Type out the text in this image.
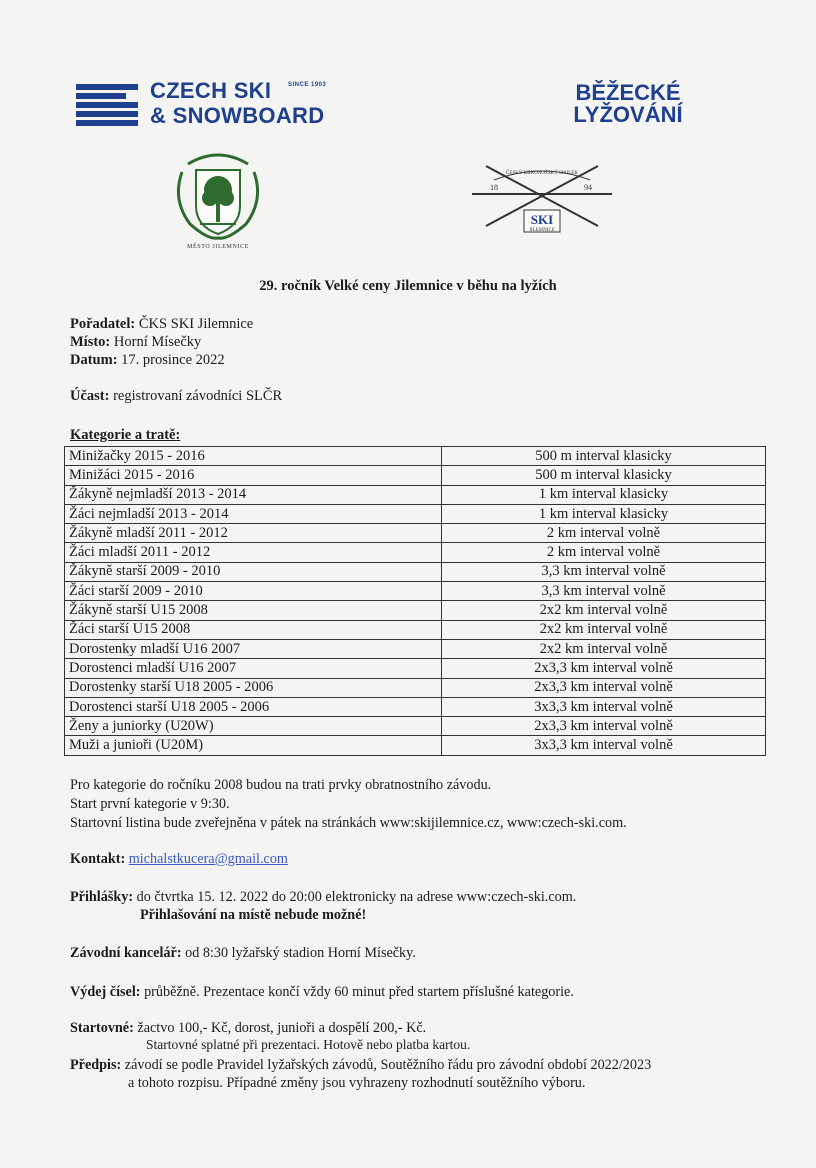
CZECH SKI	SINCE 1903
& SNOWBOARD
BĚŽECKÉ
LYŽOVÁNÍ
MĚSTO JILEMNICE
ČESKÝ KRKONOŠSKÝ SPOLEK
18	94
SKI
JILEMNICE
29. ročník Velké ceny Jilemnice v běhu na lyžích
Pořadatel: ČKS SKI Jilemnice
Místo: Horní Mísečky
Datum: 17. prosince 2022
Účast: registrovaní závodníci SLČR
Kategorie a tratě:
Minižačky 2015 - 2016	500 m interval klasicky
Minižáci 2015 - 2016	500 m interval klasicky
Žákyně nejmladší 2013 - 2014	1 km interval klasicky
Žáci nejmladší 2013 - 2014	1 km interval klasicky
Žákyně mladší 2011 - 2012	2 km interval volně
Žáci mladší 2011 - 2012	2 km interval volně
Žákyně starší 2009 - 2010	3,3 km interval volně
Žáci starší 2009 - 2010	3,3 km interval volně
Žákyně starší U15 2008	2x2 km interval volně
Žáci starší U15 2008	2x2 km interval volně
Dorostenky mladší U16 2007	2x2 km interval volně
Dorostenci mladší U16 2007	2x3,3 km interval volně
Dorostenky starší U18 2005 - 2006	2x3,3 km interval volně
Dorostenci starší U18 2005 - 2006	3x3,3 km interval volně
Ženy a juniorky (U20W)	2x3,3 km interval volně
Muži a junioři (U20M)	3x3,3 km interval volně
Pro kategorie do ročníku 2008 budou na trati prvky obratnostního závodu.
Start první kategorie v 9:30.
Startovní listina bude zveřejněna v pátek na stránkách www:skijilemnice.cz, www:czech-ski.com.
Kontakt: michalstkucera@gmail.com
Přihlášky: do čtvrtka 15. 12. 2022 do 20:00 elektronicky na adrese www:czech-ski.com.
Přihlašování na místě nebude možné!
Závodní kancelář: od 8:30 lyžařský stadion Horní Mísečky.
Výdej čísel: průběžně. Prezentace končí vždy 60 minut před startem příslušné kategorie.
Startovné: žactvo 100,- Kč, dorost, junioři a dospělí 200,- Kč.
Startovné splatné při prezentaci. Hotově nebo platba kartou.
Předpis: závodí se podle Pravidel lyžařských závodů, Soutěžního řádu pro závodní období 2022/2023
a tohoto rozpisu. Případné změny jsou vyhrazeny rozhodnutí soutěžního výboru.
